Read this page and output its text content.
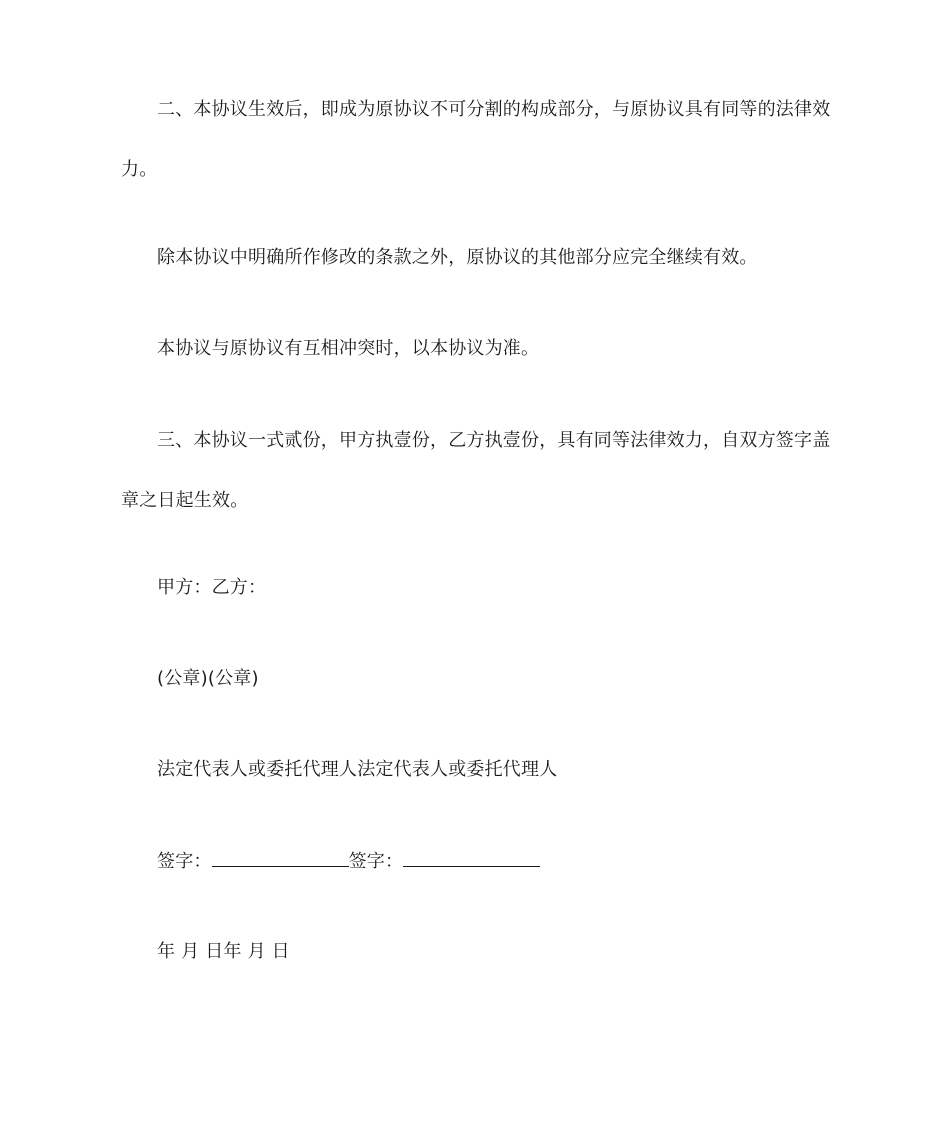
二、本协议生效后，即成为原协议不可分割的构成部分，与原协议具有同等的法律效力。

除本协议中明确所作修改的条款之外，原协议的其他部分应完全继续有效。

本协议与原协议有互相冲突时，以本协议为准。

三、本协议一式贰份，甲方执壹份，乙方执壹份，具有同等法律效力，自双方签字盖章之日起生效。

甲方：乙方：

(公章)(公章)

法定代表人或委托代理人法定代表人或委托代理人

签字：	签字：

年 月 日年 月 日
